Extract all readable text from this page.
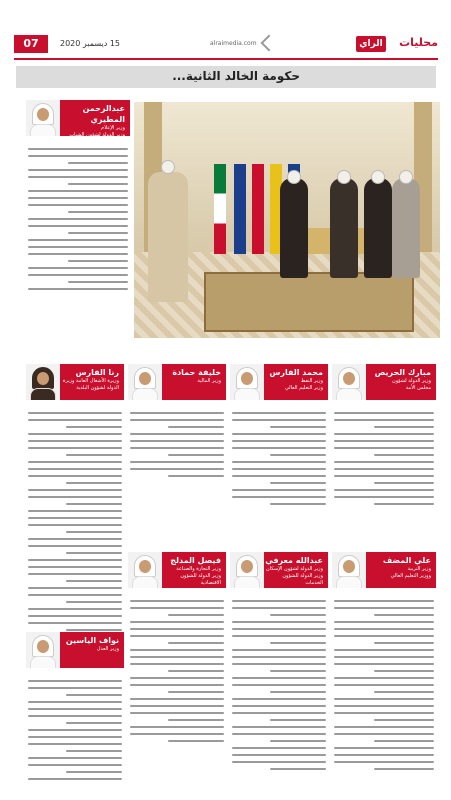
07	15 ديسمبر 2020	alraimedia.com	الراي محليات
حكومة الخالد الثانية...
عبدالرحمن المطيري
وزير الإعلام
وزير الدولة لشؤون الشباب
مبارك الحريص
وزير الدولة لشؤون
مجلس الأمة
محمد الفارس
وزير النفط
وزير التعليم العالي
خليفة حمادة
وزير المالية
رنا الفارس
وزيرة الأشغال العامة وزيرة
الدولة لشؤون البلدية
علي المضف
وزير التربية
ووزير التعليم العالي
عبدالله معرفي
وزير الدولة لشؤون الإسكان
وزير الدولة للشؤون الخدمات
فيصل المدلج
وزير التجارة والصناعة
وزير الدولة للشؤون الاقتصادية
نواف الياسين
وزير العدل
